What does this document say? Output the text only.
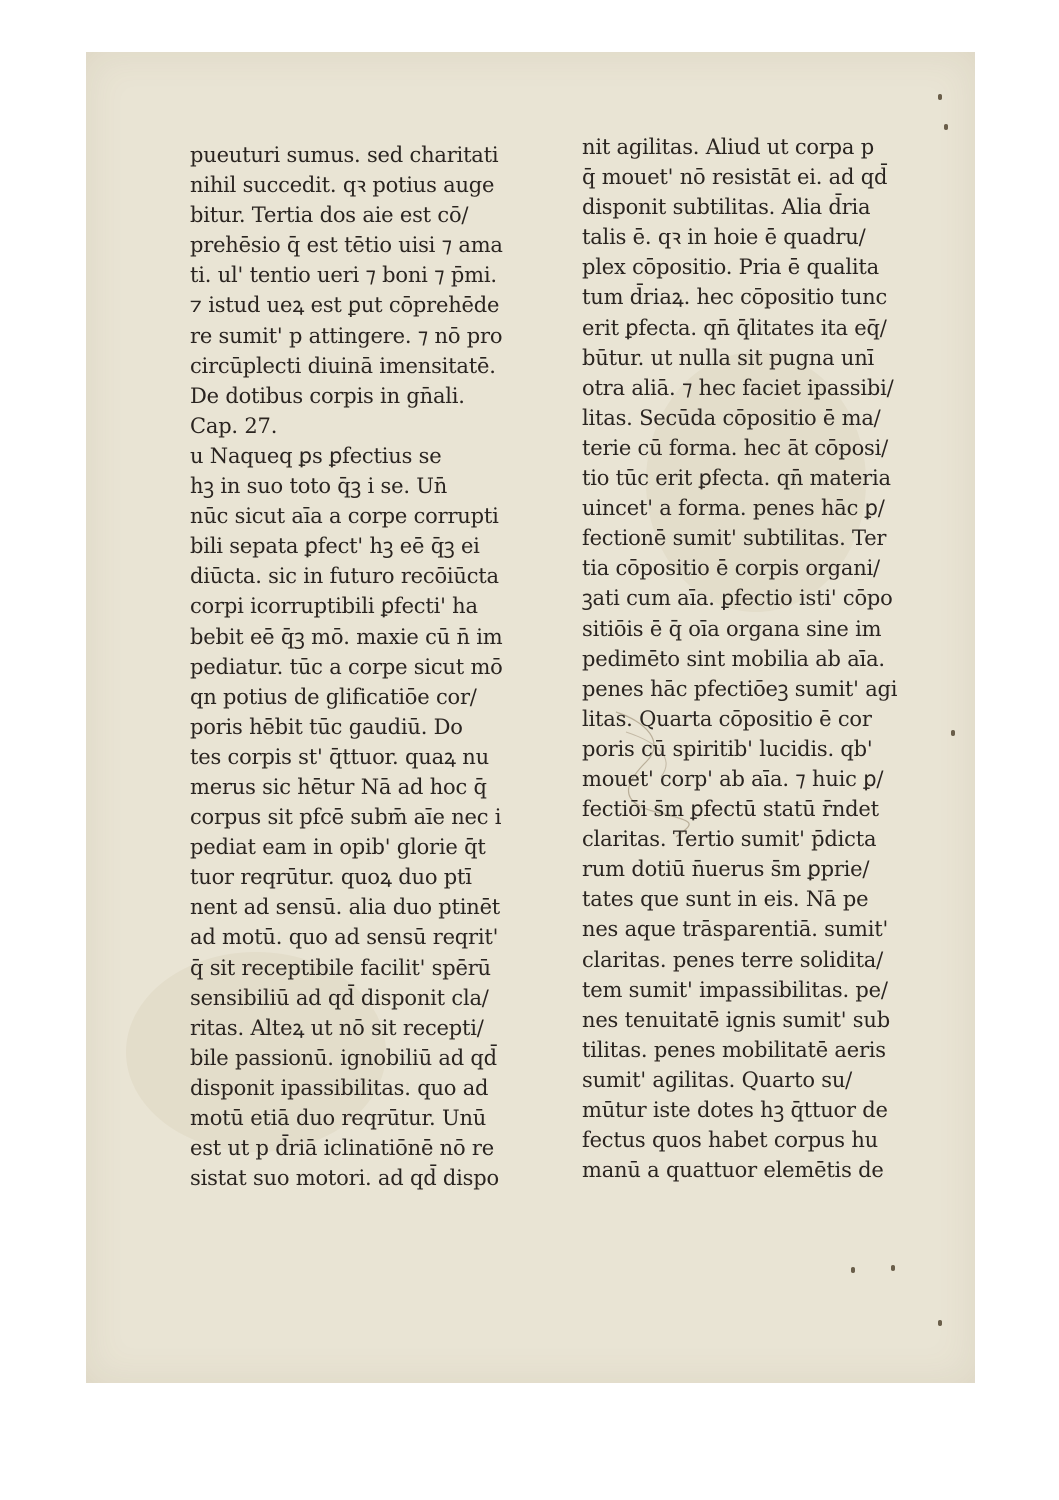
pueuturi sumus. sed charitati
nihil succedit. qꝛ potius auge
bitur. Tertia dos aie est cō/
prehēsio q̄ est tētio uisi ⁊ ama
ti. ul' tentio ueri ⁊ boni ⁊ p̄mi.
⁊ istud ueꝝ est ꝑut cōprehēde
re sumit' p attingere. ⁊ nō pro
circūplecti diuinā imensitatē.
De dotibus corpis in gn̄ali.
Cap. 27.
u Naqueq ꝑs ꝑfectius se
hꝫ in suo toto q̄ꝫ i se. Un̄
nūc sicut aīa a corpe corrupti
bili sepata ꝑfect' hꝫ eē q̄ꝫ ei
diūcta. sic in futuro recōiūcta
corpi icorruptibili ꝑfecti' ha
bebit eē q̄ꝫ mō. maxie cū n̄ im
pediatur. tūc a corpe sicut mō
qn potius de glificatiōe cor/
poris hēbit tūc gaudiū. Do
tes corpis st' q̄ttuor. quaꝝ nu
merus sic hētur Nā ad hoc q̄
corpus sit pfcē subm̄ aīe nec i
pediat eam in opib' glorie q̄t
tuor reqrūtur. quoꝝ duo ptī
nent ad sensū. alia duo ptinēt
ad motū. quo ad sensū reqrit'
q̄ sit receptibile facilit' spērū
sensibiliū ad qd̄ disponit cla/
ritas. Alteꝝ ut nō sit recepti/
bile passionū. ignobiliū ad qd̄
disponit ipassibilitas. quo ad
motū etiā duo reqrūtur. Unū
est ut p d̄riā iclinatiōnē nō re
sistat suo motori. ad qd̄ dispo
nit agilitas. Aliud ut corpa p
q̄ mouet' nō resistāt ei. ad qd̄
disponit subtilitas. Alia d̄ria
talis ē. qꝛ in hoie ē quadru/
plex cōpositio. Pria ē qualita
tum d̄riaꝝ. hec cōpositio tunc
erit ꝑfecta. qn̄ q̄litates ita eq̄/
būtur. ut nulla sit pugna unī
otra aliā. ⁊ hec faciet ipassibi/
litas. Secūda cōpositio ē ma/
terie cū forma. hec āt cōposi/
tio tūc erit ꝑfecta. qn̄ materia
uincet' a forma. penes hāc ꝑ/
fectionē sumit' subtilitas. Ter
tia cōpositio ē corpis organi/
ꝫati cum aīa. ꝑfectio isti' cōpo
sitiōis ē q̄ oīa organa sine im
pedimēto sint mobilia ab aīa.
penes hāc pfectiōeꝫ sumit' agi
litas. Quarta cōpositio ē cor
poris cū spiritib' lucidis. qb'
mouet' corp' ab aīa. ⁊ huic ꝑ/
fectiōi s̄m ꝑfectū statū r̄ndet
claritas. Tertio sumit' p̄dicta
rum dotiū n̄uerus s̄m ꝑprie/
tates que sunt in eis. Nā pe
nes aque trāsparentiā. sumit'
claritas. penes terre solidita/
tem sumit' impassibilitas. pe/
nes tenuitatē ignis sumit' sub
tilitas. penes mobilitatē aeris
sumit' agilitas. Quarto su/
mūtur iste dotes hꝫ q̄ttuor de
fectus quos habet corpus hu
manū a quattuor elemētis de
